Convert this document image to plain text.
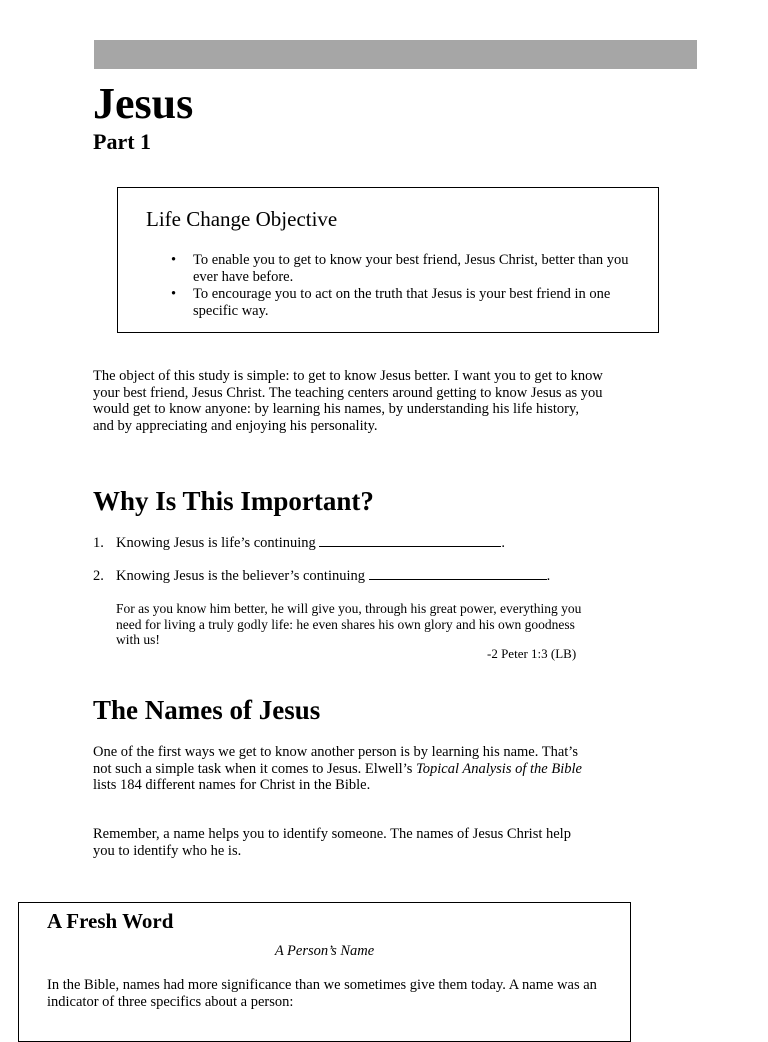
Jesus
Part 1
Life Change Objective
• To enable you to get to know your best friend, Jesus Christ, better than you ever have before.
• To encourage you to act on the truth that Jesus is your best friend in one specific way.

The object of this study is simple: to get to know Jesus better. I want you to get to know your best friend, Jesus Christ. The teaching centers around getting to know Jesus as you would get to know anyone: by learning his names, by understanding his life history, and by appreciating and enjoying his personality.

Why Is This Important?
1. Knowing Jesus is life’s continuing	.
2. Knowing Jesus is the believer’s continuing	.

For as you know him better, he will give you, through his great power, everything you need for living a truly godly life: he even shares his own glory and his own goodness with us!

-2 Peter 1:3 (LB)
The Names of Jesus

One of the first ways we get to know another person is by learning his name. That’s not such a simple task when it comes to Jesus. Elwell’s Topical Analysis of the Bible lists 184 different names for Christ in the Bible.

Remember, a name helps you to identify someone. The names of Jesus Christ help you to identify who he is.

A Fresh Word
A Person’s Name

In the Bible, names had more significance than we sometimes give them today. A name was an indicator of three specifics about a person:
